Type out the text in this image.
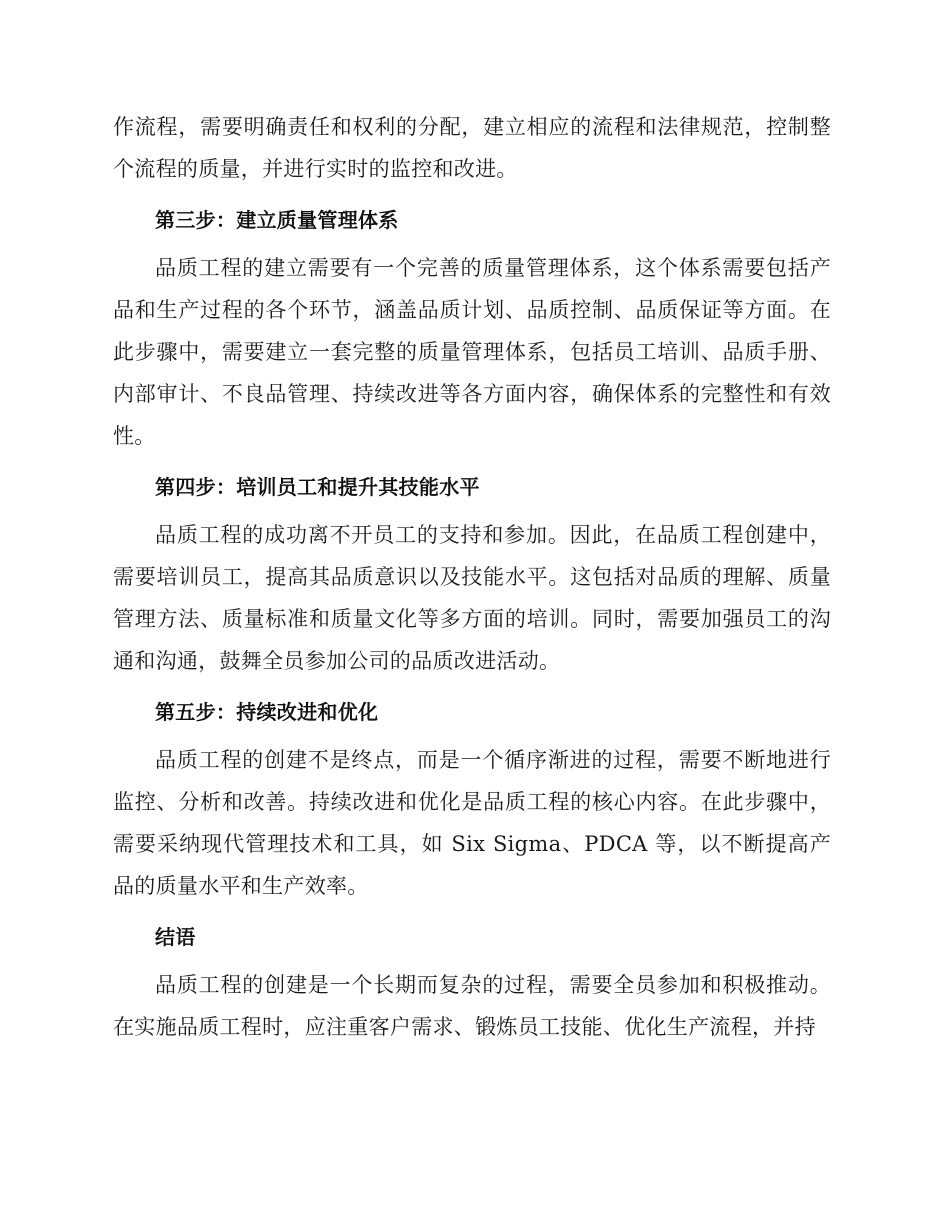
作流程，需要明确责任和权利的分配，建立相应的流程和法律规范，控制整个流程的质量，并进行实时的监控和改进。

第三步：建立质量管理体系

品质工程的建立需要有一个完善的质量管理体系，这个体系需要包括产品和生产过程的各个环节，涵盖品质计划、品质控制、品质保证等方面。在此步骤中，需要建立一套完整的质量管理体系，包括员工培训、品质手册、内部审计、不良品管理、持续改进等各方面内容，确保体系的完整性和有效性。

第四步：培训员工和提升其技能水平

品质工程的成功离不开员工的支持和参加。因此，在品质工程创建中，需要培训员工，提高其品质意识以及技能水平。这包括对品质的理解、质量管理方法、质量标准和质量文化等多方面的培训。同时，需要加强员工的沟通和沟通，鼓舞全员参加公司的品质改进活动。

第五步：持续改进和优化

品质工程的创建不是终点，而是一个循序渐进的过程，需要不断地进行监控、分析和改善。持续改进和优化是品质工程的核心内容。在此步骤中，需要采纳现代管理技术和工具，如 Six Sigma、PDCA 等，以不断提高产品的质量水平和生产效率。

结语

品质工程的创建是一个长期而复杂的过程，需要全员参加和积极推动。在实施品质工程时，应注重客户需求、锻炼员工技能、优化生产流程，并持
